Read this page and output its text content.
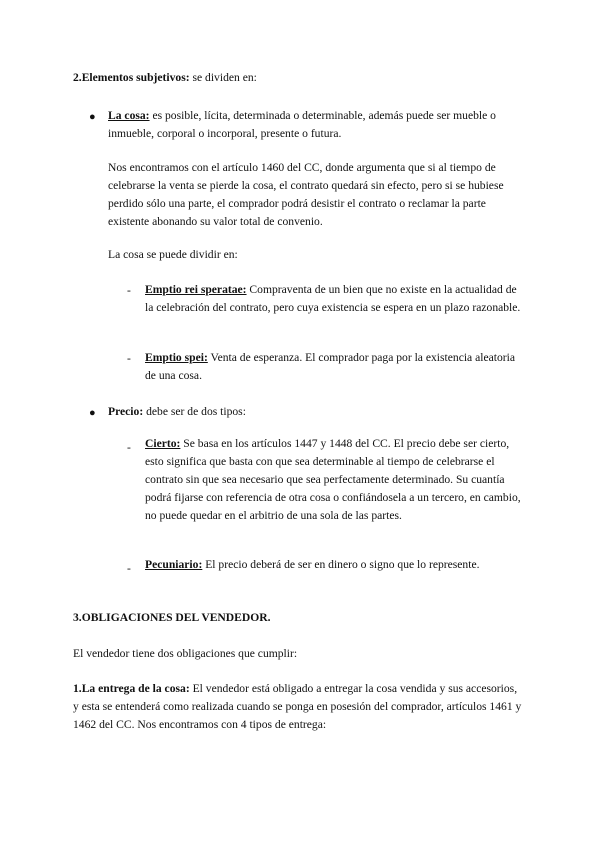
2.Elementos subjetivos: se dividen en:

● La cosa: es posible, lícita, determinada o determinable, además puede ser mueble o inmueble, corporal o incorporal, presente o futura.

Nos encontramos con el artículo 1460 del CC, donde argumenta que si al tiempo de celebrarse la venta se pierde la cosa, el contrato quedará sin efecto, pero si se hubiese perdido sólo una parte, el comprador podrá desistir el contrato o reclamar la parte existente abonando su valor total de convenio.

La cosa se puede dividir en:

- Emptio rei speratae: Compraventa de un bien que no existe en la actualidad de la celebración del contrato, pero cuya existencia se espera en un plazo razonable.

- Emptio spei: Venta de esperanza. El comprador paga por la existencia aleatoria de una cosa.

● Precio: debe ser de dos tipos:

- Cierto: Se basa en los artículos 1447 y 1448 del CC. El precio debe ser cierto, esto significa que basta con que sea determinable al tiempo de celebrarse el contrato sin que sea necesario que sea perfectamente determinado. Su cuantía podrá fijarse con referencia de otra cosa o confiándosela a un tercero, en cambio, no puede quedar en el arbitrio de una sola de las partes.

- Pecuniario: El precio deberá de ser en dinero o signo que lo represente.

3.OBLIGACIONES DEL VENDEDOR.

El vendedor tiene dos obligaciones que cumplir:

1.La entrega de la cosa: El vendedor está obligado a entregar la cosa vendida y sus accesorios, y esta se entenderá como realizada cuando se ponga en posesión del comprador, artículos 1461 y 1462 del CC. Nos encontramos con 4 tipos de entrega:
